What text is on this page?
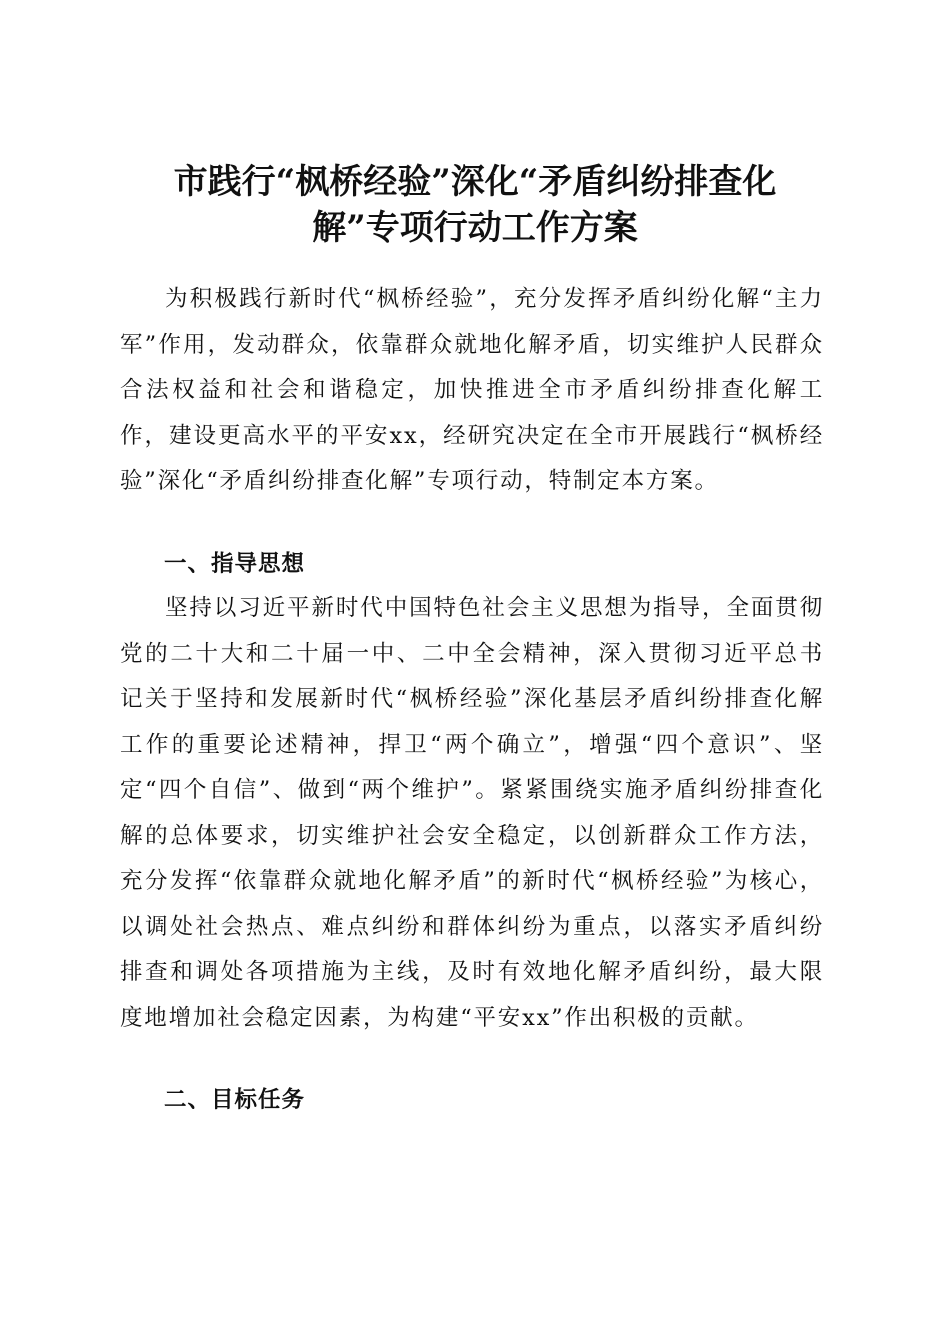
市践行“枫桥经验”深化“矛盾纠纷排查化
解”专项行动工作方案

为积极践行新时代“枫桥经验”，充分发挥矛盾纠纷化解“主力军”作用，发动群众，依靠群众就地化解矛盾，切实维护人民群众合法权益和社会和谐稳定，加快推进全市矛盾纠纷排查化解工作，建设更高水平的平安xx，经研究决定在全市开展践行“枫桥经验”深化“矛盾纠纷排查化解”专项行动，特制定本方案。

一、指导思想

坚持以习近平新时代中国特色社会主义思想为指导，全面贯彻党的二十大和二十届一中、二中全会精神，深入贯彻习近平总书记关于坚持和发展新时代“枫桥经验”深化基层矛盾纠纷排查化解工作的重要论述精神，捍卫“两个确立”，增强“四个意识”、坚定“四个自信”、做到“两个维护”。紧紧围绕实施矛盾纠纷排查化解的总体要求，切实维护社会安全稳定，以创新群众工作方法，充分发挥“依靠群众就地化解矛盾”的新时代“枫桥经验”为核心，以调处社会热点、难点纠纷和群体纠纷为重点，以落实矛盾纠纷排查和调处各项措施为主线，及时有效地化解矛盾纠纷，最大限度地增加社会稳定因素，为构建“平安xx”作出积极的贡献。

二、目标任务
